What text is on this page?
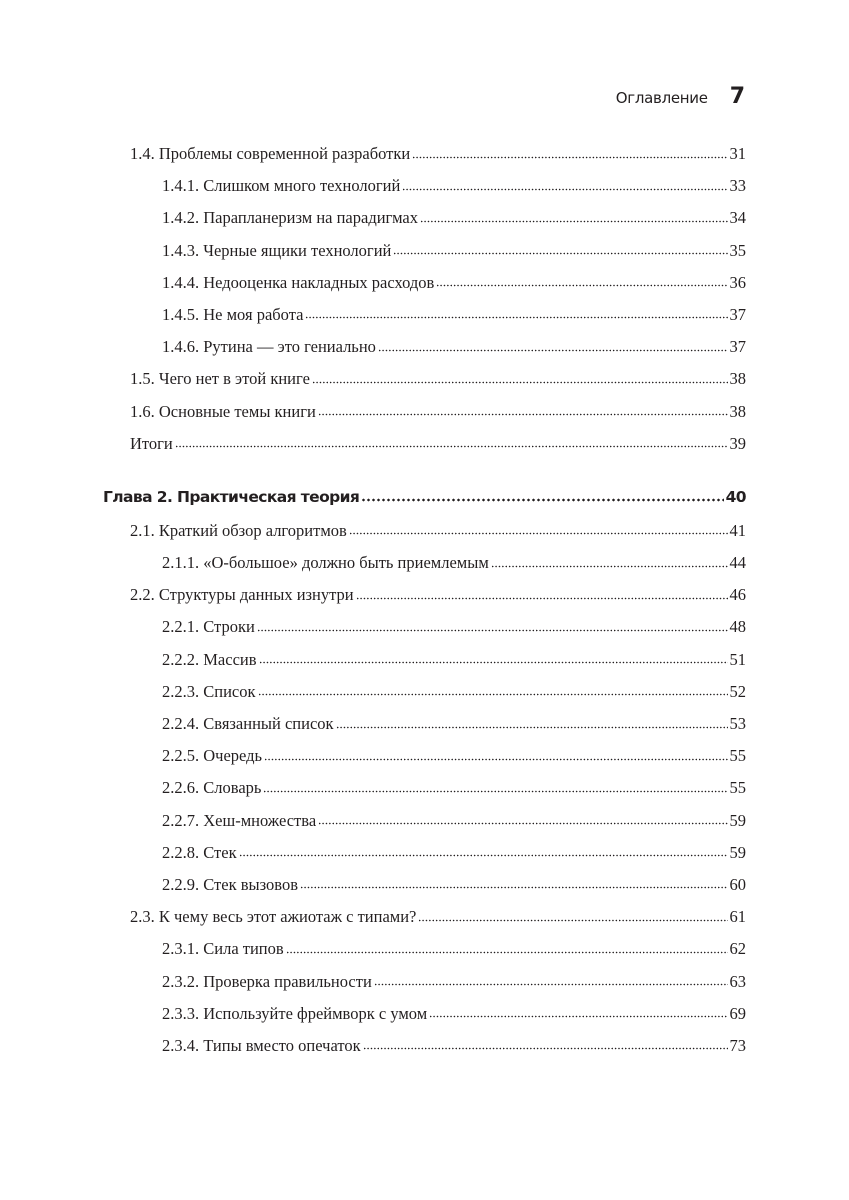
Оглавление 7
1.4. Проблемы современной разработки	31
1.4.1. Слишком много технологий	33
1.4.2. Парапланеризм на парадигмах	34
1.4.3. Черные ящики технологий	35
1.4.4. Недооценка накладных расходов	36
1.4.5. Не моя работа	37
1.4.6. Рутина — это гениально	37
1.5. Чего нет в этой книге	38
1.6. Основные темы книги	38
Итоги	39
Глава 2. Практическая теория	40
2.1. Краткий обзор алгоритмов	41
2.1.1. «О-большое» должно быть приемлемым	44
2.2. Структуры данных изнутри	46
2.2.1. Строки	48
2.2.2. Массив	51
2.2.3. Список	52
2.2.4. Связанный список	53
2.2.5. Очередь	55
2.2.6. Словарь	55
2.2.7. Хеш-множества	59
2.2.8. Стек	59
2.2.9. Стек вызовов	60
2.3. К чему весь этот ажиотаж с типами?	61
2.3.1. Сила типов	62
2.3.2. Проверка правильности	63
2.3.3. Используйте фреймворк с умом	69
2.3.4. Типы вместо опечаток	73
